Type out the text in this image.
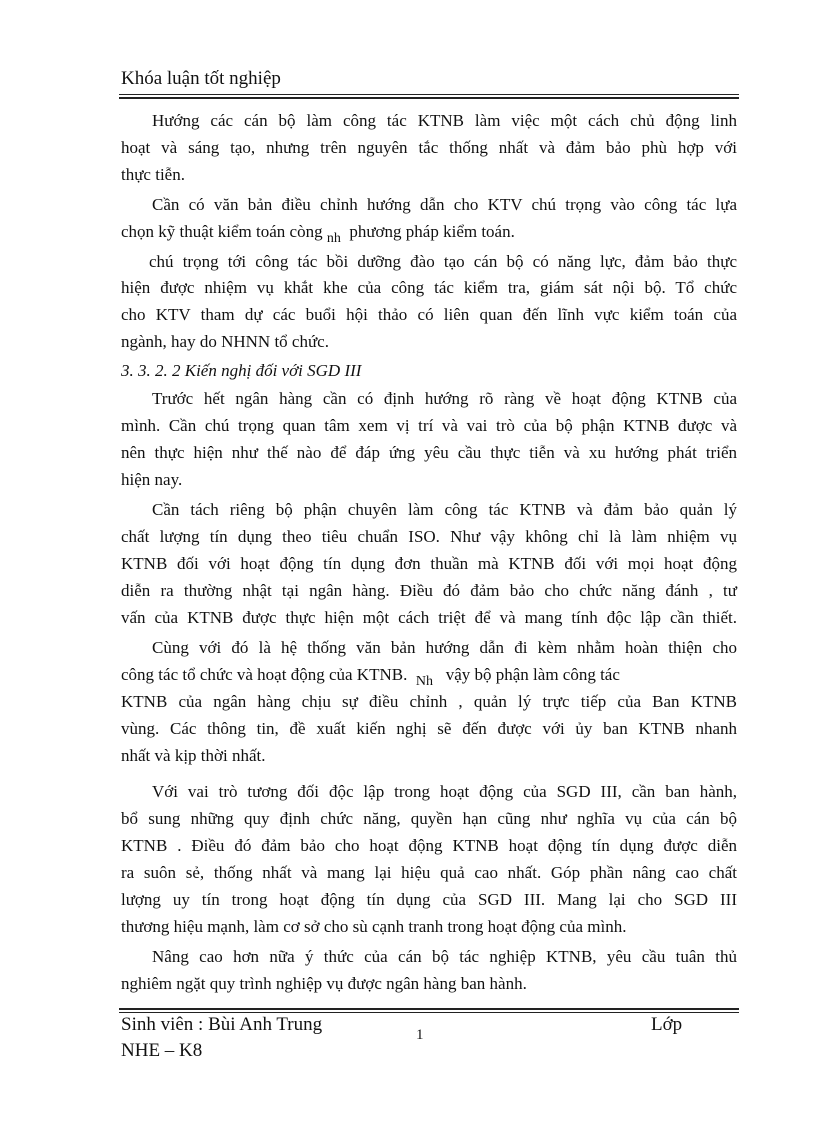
Khóa luận tốt nghiệp
Hướng các cán bộ làm công tác KTNB làm việc một cách chủ động linh
hoạt và sáng tạo, nhưng trên nguyên tắc thống nhất và đảm bảo phù hợp với
thực tiễn.
Cần có văn bản điều chỉnh hướng dẫn cho KTV chú trọng vào công tác lựa
chọn kỹ thuật kiểm toán còng $_{nh}$ phương pháp kiểm toán.
chú trọng tới công tác bồi dưỡng đào tạo cán bộ có năng lực, đảm bảo thực
hiện được nhiệm vụ khắt khe của công tác kiểm tra, giám sát nội bộ. Tổ chức
cho KTV tham dự các buổi hội thảo có liên quan đến lĩnh vực kiểm toán của
ngành, hay do NHNN tổ chức.
3. 3. 2. 2 Kiến nghị đối với SGD III
Trước hết ngân hàng cần có định hướng rõ ràng về hoạt động KTNB của
mình. Cần chú trọng quan tâm xem vị trí và vai trò của bộ phận KTNB được và
nên thực hiện như thế nào để đáp ứng yêu cầu thực tiễn và xu hướng phát triển
hiện nay.
Cần tách riêng bộ phận chuyên làm công tác KTNB và đảm bảo quản lý
chất lượng tín dụng theo tiêu chuẩn ISO. Như vậy không chỉ là làm nhiệm vụ
KTNB đối với hoạt động tín dụng đơn thuần mà KTNB đối với mọi hoạt động
diễn ra thường nhật tại ngân hàng. Điều đó đảm bảo cho chức năng đánh , tư
vấn của KTNB được thực hiện một cách triệt để và mang tính độc lập cần thiết.
Cùng với đó là hệ thống văn bản hướng dẫn đi kèm nhằm hoàn thiện cho
công tác tổ chức và hoạt động của KTNB. $_{Nh}$ vậy bộ phận làm công tác
KTNB của ngân hàng chịu sự điều chỉnh , quản lý trực tiếp của Ban KTNB
vùng. Các thông tin, đề xuất kiến nghị sẽ đến được với ủy ban KTNB nhanh
nhất và kịp thời nhất.
Với vai trò tương đối độc lập trong hoạt động của SGD III, cần ban hành,
bổ sung những quy định chức năng, quyền hạn cũng như nghĩa vụ của cán bộ
KTNB . Điều đó đảm bảo cho hoạt động KTNB hoạt động tín dụng được diễn
ra suôn sẻ, thống nhất và mang lại hiệu quả cao nhất. Góp phần nâng cao chất
lượng uy tín trong hoạt động tín dụng của SGD III. Mang lại cho SGD III
thương hiệu mạnh, làm cơ sở cho sù cạnh tranh trong hoạt động của mình.
Nâng cao hơn nữa ý thức của cán bộ tác nghiệp KTNB, yêu cầu tuân thủ
nghiêm ngặt quy trình nghiệp vụ được ngân hàng ban hành.
Sinh viên : Bùi Anh Trung	1	Lớp
NHE – K8
